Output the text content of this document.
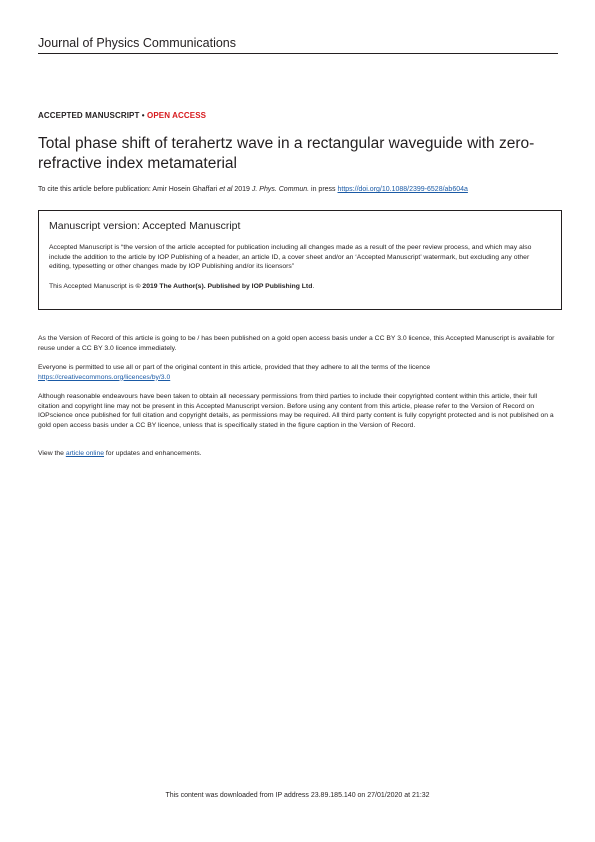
Journal of Physics Communications
ACCEPTED MANUSCRIPT • OPEN ACCESS
Total phase shift of terahertz wave in a rectangular waveguide with zero-refractive index metamaterial
To cite this article before publication: Amir Hosein Ghaffari et al 2019 J. Phys. Commun. in press https://doi.org/10.1088/2399-6528/ab604a
Manuscript version: Accepted Manuscript
Accepted Manuscript is “the version of the article accepted for publication including all changes made as a result of the peer review process, and which may also include the addition to the article by IOP Publishing of a header, an article ID, a cover sheet and/or an ‘Accepted Manuscript’ watermark, but excluding any other editing, typesetting or other changes made by IOP Publishing and/or its licensors”
This Accepted Manuscript is © 2019 The Author(s). Published by IOP Publishing Ltd.

As the Version of Record of this article is going to be / has been published on a gold open access basis under a CC BY 3.0 licence, this Accepted Manuscript is available for reuse under a CC BY 3.0 licence immediately.

Everyone is permitted to use all or part of the original content in this article, provided that they adhere to all the terms of the licence
https://creativecommons.org/licences/by/3.0

Although reasonable endeavours have been taken to obtain all necessary permissions from third parties to include their copyrighted content within this article, their full citation and copyright line may not be present in this Accepted Manuscript version. Before using any content from this article, please refer to the Version of Record on IOPscience once published for full citation and copyright details, as permissions may be required. All third party content is fully copyright protected and is not published on a gold open access basis under a CC BY licence, unless that is specifically stated in the figure caption in the Version of Record.

View the article online for updates and enhancements.

This content was downloaded from IP address 23.89.185.140 on 27/01/2020 at 21:32
